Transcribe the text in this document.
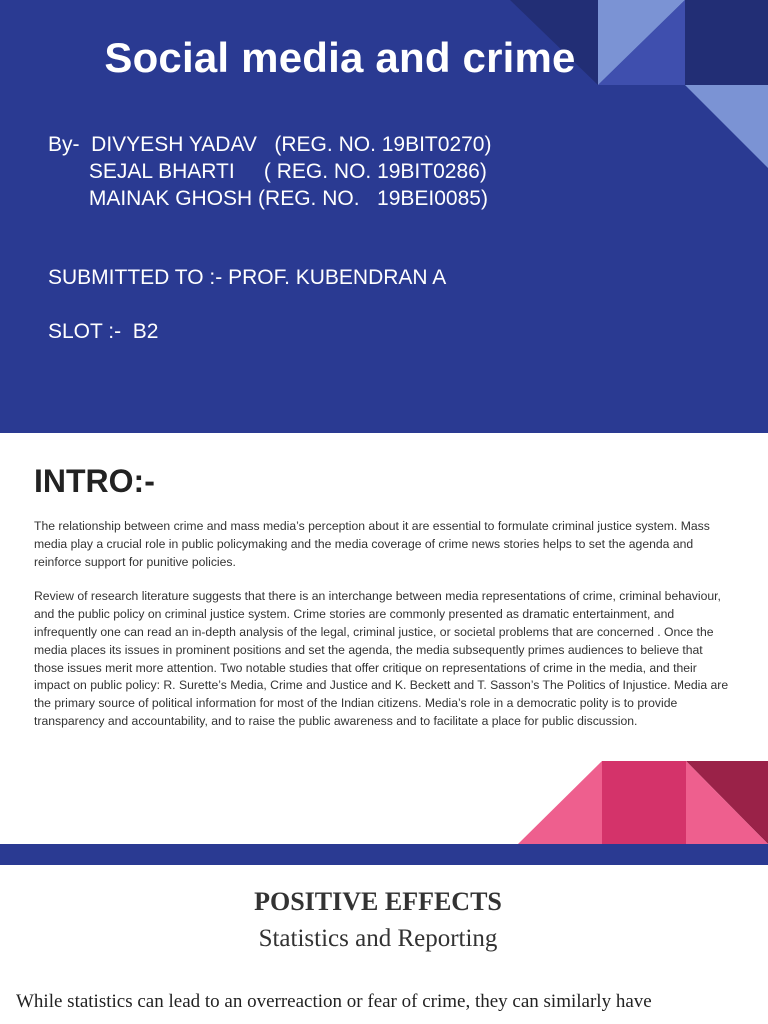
Social media and crime
By-  DIVYESH YADAV   (REG. NO. 19BIT0270)
SEJAL BHARTI     ( REG. NO. 19BIT0286)
MAINAK GHOSH (REG. NO.   19BEI0085)
SUBMITTED TO :- PROF. KUBENDRAN A
SLOT :-  B2
INTRO:-

The relationship between crime and mass media’s perception about it are essential to formulate criminal justice system. Mass media play a crucial role in public policymaking and the media coverage of crime news stories helps to set the agenda and reinforce support for punitive policies.

Review of research literature suggests that there is an interchange between media representations of crime, criminal behaviour, and the public policy on criminal justice system. Crime stories are commonly presented as dramatic entertainment, and infrequently one can read an in-depth analysis of the legal, criminal justice, or societal problems that are concerned . Once the media places its issues in prominent positions and set the agenda, the media subsequently primes audiences to believe that those issues merit more attention. Two notable studies that offer critique on representations of crime in the media, and their impact on public policy: R. Surette’s Media, Crime and Justice and K. Beckett and T. Sasson’s The Politics of Injustice. Media are the primary source of political information for most of the Indian citizens. Media’s role in a democratic polity is to provide transparency and accountability, and to raise the public awareness and to facilitate a place for public discussion.

POSITIVE EFFECTS
Statistics and Reporting
While statistics can lead to an overreaction or fear of crime, they can similarly have
